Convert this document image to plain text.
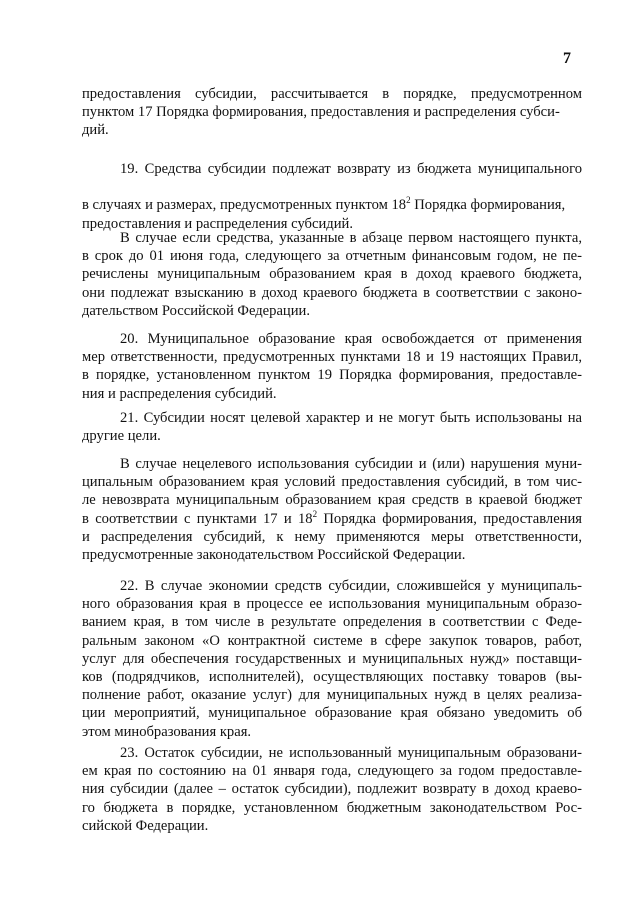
7
предоставления субсидии, рассчитывается в порядке, предусмотренном
пунктом 17 Порядка формирования, предоставления и распределения субси-
дий.
19. Средства субсидии подлежат возврату из бюджета муниципального
в случаях и размерах, предусмотренных пунктом $18^2$ Порядка формирования,
предоставления и распределения субсидий.
В случае если средства, указанные в абзаце первом настоящего пункта,
в срок до 01 июня года, следующего за отчетным финансовым годом, не пе-
речислены муниципальным образованием края в доход краевого бюджета,
они подлежат взысканию в доход краевого бюджета в соответствии с законо-
дательством Российской Федерации.
20. Муниципальное образование края освобождается от применения
мер ответственности, предусмотренных пунктами 18 и 19 настоящих Правил,
в порядке, установленном пунктом 19 Порядка формирования, предоставле-
ния и распределения субсидий.
21. Субсидии носят целевой характер и не могут быть использованы на
другие цели.
В случае нецелевого использования субсидии и (или) нарушения муни-
ципальным образованием края условий предоставления субсидий, в том чис-
ле невозврата муниципальным образованием края средств в краевой бюджет
в соответствии с пунктами 17 и $18^2$ Порядка формирования, предоставления
и распределения субсидий, к нему применяются меры ответственности,
предусмотренные законодательством Российской Федерации.
22. В случае экономии средств субсидии, сложившейся у муниципаль-
ного образования края в процессе ее использования муниципальным образо-
ванием края, в том числе в результате определения в соответствии с Феде-
ральным законом «О контрактной системе в сфере закупок товаров, работ,
услуг для обеспечения государственных и муниципальных нужд» поставщи-
ков (подрядчиков, исполнителей), осуществляющих поставку товаров (вы-
полнение работ, оказание услуг) для муниципальных нужд в целях реализа-
ции мероприятий, муниципальное образование края обязано уведомить об
этом минобразования края.
23. Остаток субсидии, не использованный муниципальным образовани-
ем края по состоянию на 01 января года, следующего за годом предоставле-
ния субсидии (далее – остаток субсидии), подлежит возврату в доход краево-
го бюджета в порядке, установленном бюджетным законодательством Рос-
сийской Федерации.
